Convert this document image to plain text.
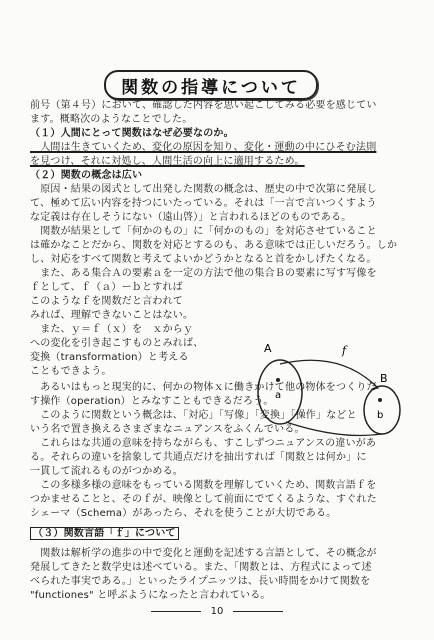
関数の指導について
前号（第４号）において、確認した内容を思い起こしてみる必要を感じてい
ます。概略次のようなことでした。
（１）人間にとって関数はなぜ必要なのか。
　人間は生きていくため、変化の原因を知り、変化・運動の中にひそむ法則
を見つけ、それに対処し、人間生活の向上に適用するため。
（２）関数の概念は広い
　原因・結果の図式として出発した関数の概念は、歴史の中で次第に発展し
て、極めて広い内容を持つにいたっている。それは「一言で言いつくすよう
な定義は存在しそうにない（遠山啓）」と言われるほどのものである。
　関数が結果として「何かのもの」に「何かのもの」を対応させていること
は確かなことだから、関数を対応とするのも、ある意味では正しいだろう。しか
し、対応をすべて関数と考えてよいかどうかとなると首をかしげたくなる。
　また、ある集合Ａの要素ａを一定の方法で他の集合Ｂの要素に写す写像を
ｆとして、ｆ（ａ）ーｂとすれば
このようなｆを関数だと言われて
みれば、理解できないことはない。
　また、ｙ＝ｆ（ｘ）を　ｘからｙ
への変化を引き起こすものとみれば、
変換（transformation）と考える
こともできよう。
A	f
B
a
b
　あるいはもっと現実的に、何かの物体ｘに働きかけて他の物体をつくりだ
す操作（operation）とみなすこともできるだろう。
　このように関数という概念は、「対応」「写像」「変換」「操作」などと
いう名で置き換えるさまざまなニュアンスをふくんでいる。
　これらはな共通の意味を持ちながらも、すこしずつニュアンスの違いがあ
る。それらの違いを捨象して共通点だけを抽出すれば「関数とは何か」に
一貫して流れるものがつかめる。
　この多様多様の意味をもっている関数を理解していくため、関数言語ｆを
つかませることと、そのｆが、映像として前面にでてくるような、すぐれた
シェーマ（Schema）があったら、それを使うことが大切である。
（３）関数言語「ｆ」について
　関数は解析学の進歩の中で変化と運動を記述する言語として、その概念が
発展してきたと数学史は述べている。また、「関数とは、方程式によって述
べられた事実である。」といったライプニッツは、長い時間をかけて関数を
"functiones" と呼ぶようになったと言われている。
10
